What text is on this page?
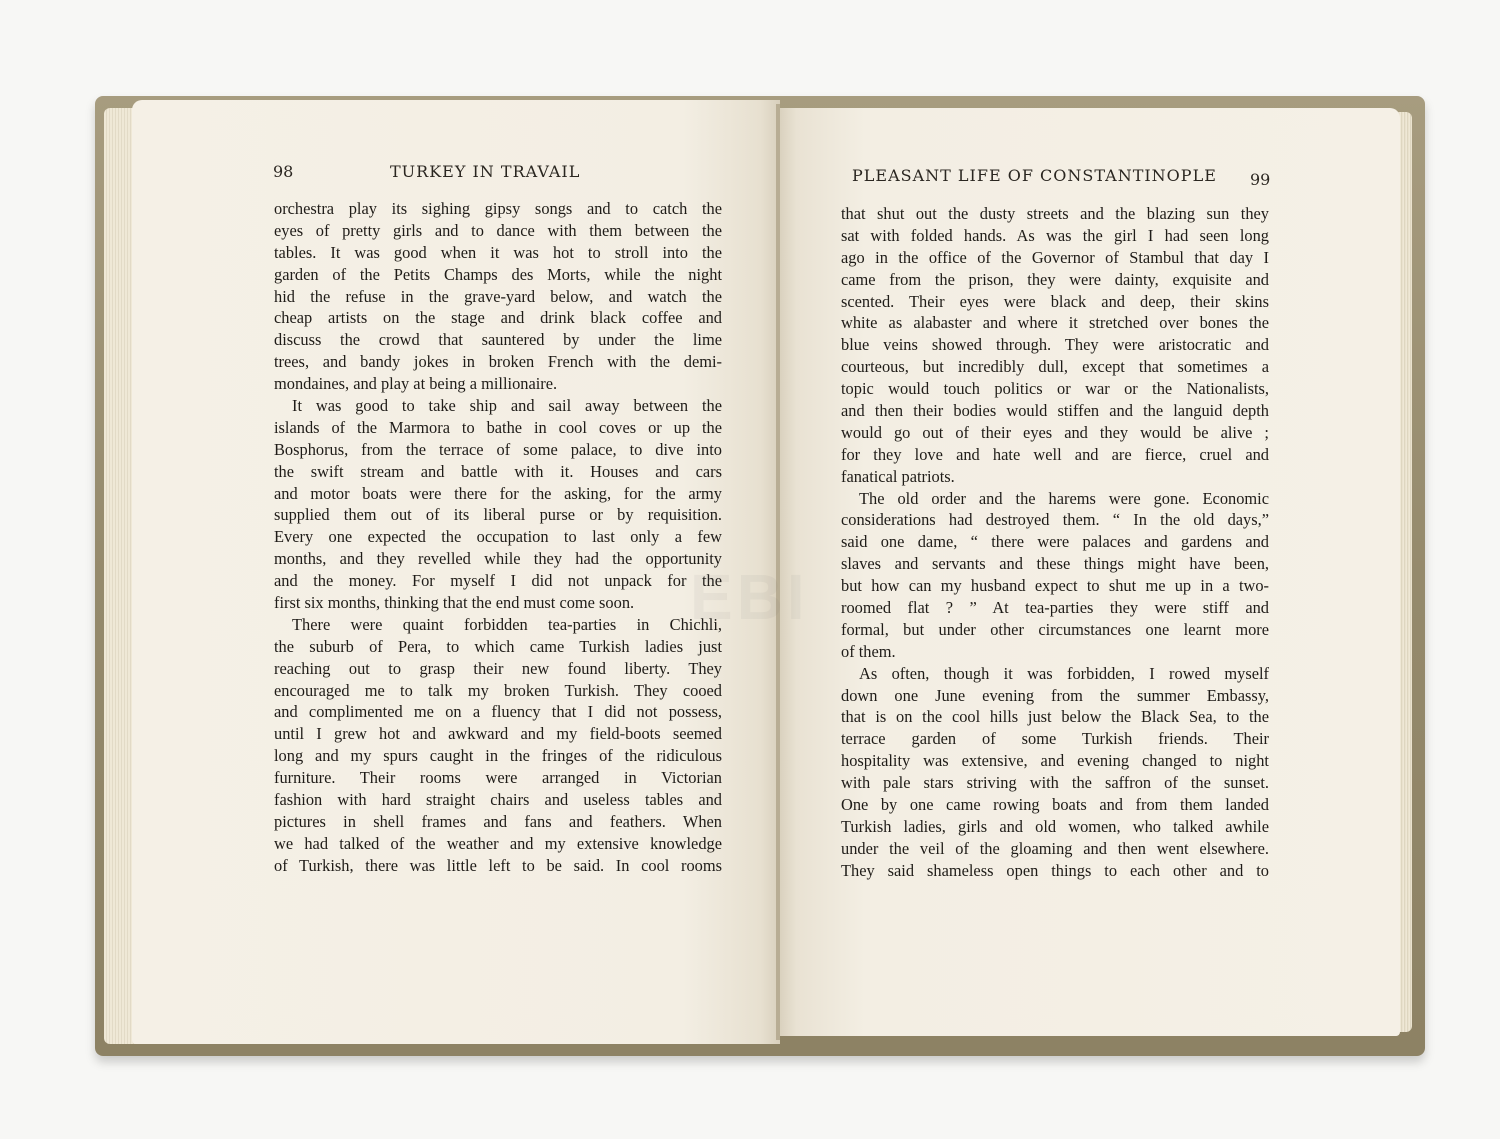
98	TURKEY IN TRAVAIL
orchestra play its sighing gipsy songs and to catch the
eyes of pretty girls and to dance with them between the
tables. It was good when it was hot to stroll into the
garden of the Petits Champs des Morts, while the night
hid the refuse in the grave-yard below, and watch the
cheap artists on the stage and drink black coffee and
discuss the crowd that sauntered by under the lime
trees, and bandy jokes in broken French with the demi-
mondaines, and play at being a millionaire.
It was good to take ship and sail away between the
islands of the Marmora to bathe in cool coves or up the
Bosphorus, from the terrace of some palace, to dive into
the swift stream and battle with it. Houses and cars
and motor boats were there for the asking, for the army
supplied them out of its liberal purse or by requisition.
Every one expected the occupation to last only a few
months, and they revelled while they had the opportunity
and the money. For myself I did not unpack for the
first six months, thinking that the end must come soon.
There were quaint forbidden tea-parties in Chichli,
the suburb of Pera, to which came Turkish ladies just
reaching out to grasp their new found liberty. They
encouraged me to talk my broken Turkish. They cooed
and complimented me on a fluency that I did not possess,
until I grew hot and awkward and my field-boots seemed
long and my spurs caught in the fringes of the ridiculous
furniture. Their rooms were arranged in Victorian
fashion with hard straight chairs and useless tables and
pictures in shell frames and fans and feathers. When
we had talked of the weather and my extensive knowledge
of Turkish, there was little left to be said. In cool rooms
PLEASANT LIFE OF CONSTANTINOPLE 99
that shut out the dusty streets and the blazing sun they
sat with folded hands. As was the girl I had seen long
ago in the office of the Governor of Stambul that day I
came from the prison, they were dainty, exquisite and
scented. Their eyes were black and deep, their skins
white as alabaster and where it stretched over bones the
blue veins showed through. They were aristocratic and
courteous, but incredibly dull, except that sometimes a
topic would touch politics or war or the Nationalists,
and then their bodies would stiffen and the languid depth
would go out of their eyes and they would be alive ;
for they love and hate well and are fierce, cruel and
fanatical patriots.
The old order and the harems were gone. Economic
considerations had destroyed them. “ In the old days,”
said one dame, “ there were palaces and gardens and
slaves and servants and these things might have been,
but how can my husband expect to shut me up in a two-
roomed flat ? ” At tea-parties they were stiff and
formal, but under other circumstances one learnt more
of them.
As often, though it was forbidden, I rowed myself
down one June evening from the summer Embassy,
that is on the cool hills just below the Black Sea, to the
terrace garden of some Turkish friends. Their
hospitality was extensive, and evening changed to night
with pale stars striving with the saffron of the sunset.
One by one came rowing boats and from them landed
Turkish ladies, girls and old women, who talked awhile
under the veil of the gloaming and then went elsewhere.
They said shameless open things to each other and to
EBI
